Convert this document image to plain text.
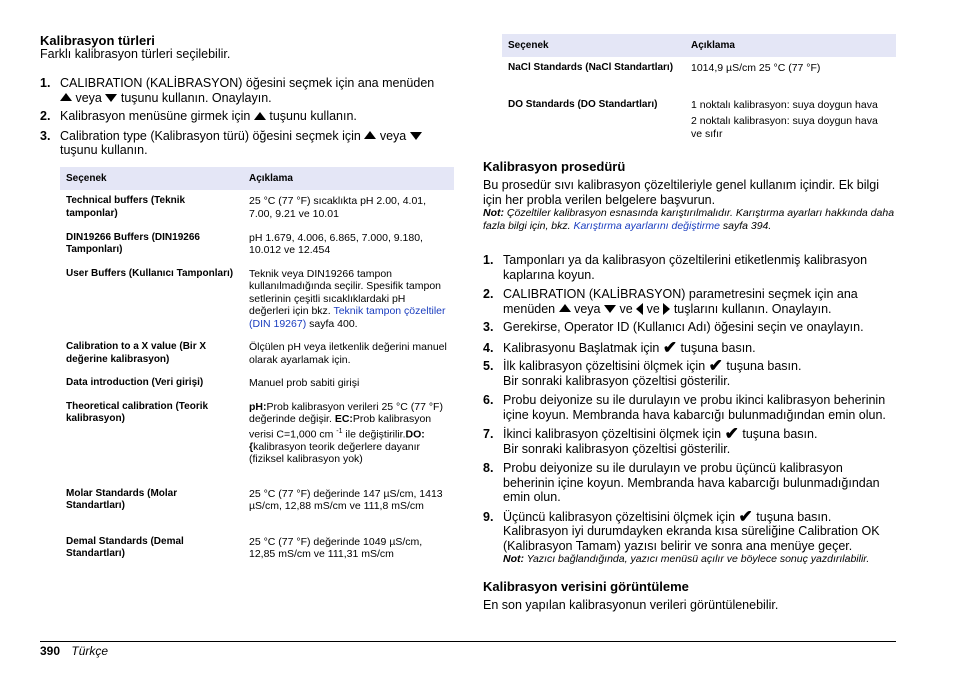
Kalibrasyon türleri

Farklı kalibrasyon türleri seçilebilir.

1. CALIBRATION (KALİBRASYON) öğesini seçmek için ana menüden
veya tuşunu kullanın. Onaylayın.
2. Kalibrasyon menüsüne girmek için tuşunu kullanın.
3. Calibration type (Kalibrasyon türü) öğesini seçmek için veya
tuşunu kullanın.
Seçenek	Açıklama
Technical buffers (Teknik tamponlar)	25 °C (77 °F) sıcaklıkta pH 2.00, 4.01, 7.00, 9.21 ve 10.01
DIN19266 Buffers (DIN19266 Tamponları)	pH 1.679, 4.006, 6.865, 7.000, 9.180, 10.012 ve 12.454
User Buffers (Kullanıcı Tamponları)	Teknik veya DIN19266 tampon kullanılmadığında seçilir. Spesifik tampon setlerinin çeşitli sıcaklıklardaki pH değerleri için bkz. Teknik tampon çözeltiler (DIN 19267) sayfa 400.
Calibration to a X value (Bir X değerine kalibrasyon)	Ölçülen pH veya iletkenlik değerini manuel olarak ayarlamak için.
Data introduction (Veri girişi)	Manuel prob sabiti girişi
Theoretical calibration (Teorik kalibrasyon)	pH:Prob kalibrasyon verileri 25 °C (77 °F) değerinde değişir. EC:Prob kalibrasyon verisi C=1,000 cm $^{-1}$ ile değiştirilir.DO:{kalibrasyon teorik değerlere dayanır (fiziksel kalibrasyon yok)
Molar Standards (Molar Standartları)	25 °C (77 °F) değerinde 147 µS/cm, 1413 µS/cm, 12,88 mS/cm ve 111,8 mS/cm
Demal Standards (Demal Standartları)	25 °C (77 °F) değerinde 1049 µS/cm, 12,85 mS/cm ve 111,31 mS/cm
Seçenek	Açıklama
NaCl Standards (NaCl Standartları)	1014,9 µS/cm 25 °C (77 °F)
DO Standards (DO Standartları)	1 noktalı kalibrasyon: suya doygun hava
2 noktalı kalibrasyon: suya doygun hava ve sıfır
Kalibrasyon prosedürü

Bu prosedür sıvı kalibrasyon çözeltileriyle genel kullanım içindir. Ek bilgi için her probla verilen belgelere başvurun.

Not: Çözeltiler kalibrasyon esnasında karıştırılmalıdır. Karıştırma ayarları hakkında daha fazla bilgi için, bkz. Karıştırma ayarlarını değiştirme sayfa 394.

1. Tamponları ya da kalibrasyon çözeltilerini etiketlenmiş kalibrasyon kaplarına koyun.
2. CALIBRATION (KALİBRASYON) parametresini seçmek için ana menüden veya ve ve tuşlarını kullanın. Onaylayın.
3. Gerekirse, Operator ID (Kullanıcı Adı) öğesini seçin ve onaylayın.
4. Kalibrasyonu Başlatmak için ✔ tuşuna basın.
5. İlk kalibrasyon çözeltisini ölçmek için ✔ tuşuna basın.
Bir sonraki kalibrasyon çözeltisi gösterilir.
6. Probu deiyonize su ile durulayın ve probu ikinci kalibrasyon beherinin içine koyun. Membranda hava kabarcığı bulunmadığından emin olun.
7. İkinci kalibrasyon çözeltisini ölçmek için ✔ tuşuna basın.
Bir sonraki kalibrasyon çözeltisi gösterilir.
8. Probu deiyonize su ile durulayın ve probu üçüncü kalibrasyon beherinin içine koyun. Membranda hava kabarcığı bulunmadığından emin olun.
9. Üçüncü kalibrasyon çözeltisini ölçmek için ✔ tuşuna basın.
Kalibrasyon iyi durumdayken ekranda kısa süreliğine Calibration OK (Kalibrasyon Tamam) yazısı belirir ve sonra ana menüye geçer.
Not: Yazıcı bağlandığında, yazıcı menüsü açılır ve böylece sonuç yazdırılabilir.
Kalibrasyon verisini görüntüleme

En son yapılan kalibrasyonun verileri görüntülenebilir.

390 Türkçe
